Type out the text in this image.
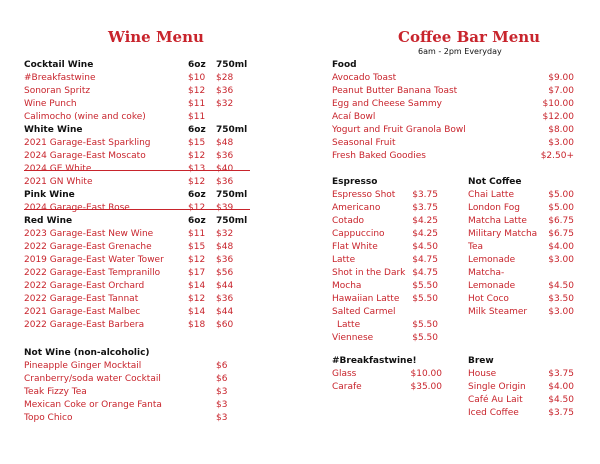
Wine Menu
Cocktail Wine	6oz 750ml
#Breakfastwine	$10 $28
Sonoran Spritz	$12 $36
Wine Punch	$11 $32
Calimocho (wine and coke)	$11
White Wine	6oz 750ml
2021 Garage-East Sparkling	$15 $48
2024 Garage-East Moscato	$12 $36
2024 GE White	$13 $40
2021 GN White	$12 $36
Pink Wine	6oz 750ml
2024 Garage-East Rose	$12 $39
Red Wine	6oz 750ml
2023 Garage-East New Wine	$11 $32
2022 Garage-East Grenache	$15 $48
2019 Garage-East Water Tower	$12 $36
2022 Garage-East Tempranillo	$17 $56
2022 Garage-East Orchard	$14 $44
2022 Garage-East Tannat	$12 $36
2021 Garage-East Malbec	$14 $44
2022 Garage-East Barbera	$18 $60
Not Wine (non-alcoholic)
Pineapple Ginger Mocktail	$6
Cranberry/soda water Cocktail	$6
Teak Fizzy Tea	$3
Mexican Coke or Orange Fanta	$3
Topo Chico	$3
Coffee Bar Menu
6am - 2pm Everyday
Food
Avocado Toast	$9.00
Peanut Butter Banana Toast	$7.00
Egg and Cheese Sammy	$10.00
Acaí Bowl	$12.00
Yogurt and Fruit Granola Bowl	$8.00
Seasonal Fruit	$3.00
Fresh Baked Goodies	$2.50+
Espresso
Espresso Shot $3.75
Americano	$3.75
Cotado	$4.25
Cappuccino	$4.25
Flat White	$4.50
Latte	$4.75
Shot in the Dark $4.75
Mocha	$5.50
Hawaiian Latte $5.50
Salted Carmel
Latte	$5.50
Viennese	$5.50
Not Coffee
Chai Latte	$5.00
London Fog	$5.00
Matcha Latte $6.75
Military Matcha $6.75
Tea	$4.00
Lemonade	$3.00
Matcha-
Lemonade	$4.50
Hot Coco	$3.50
Milk Steamer $3.00
#Breakfastwine!
Glass	$10.00
Carafe	$35.00
Brew
House	$3.75
Single Origin	$4.00
Café Au Lait	$4.50
Iced Coffee	$3.75
